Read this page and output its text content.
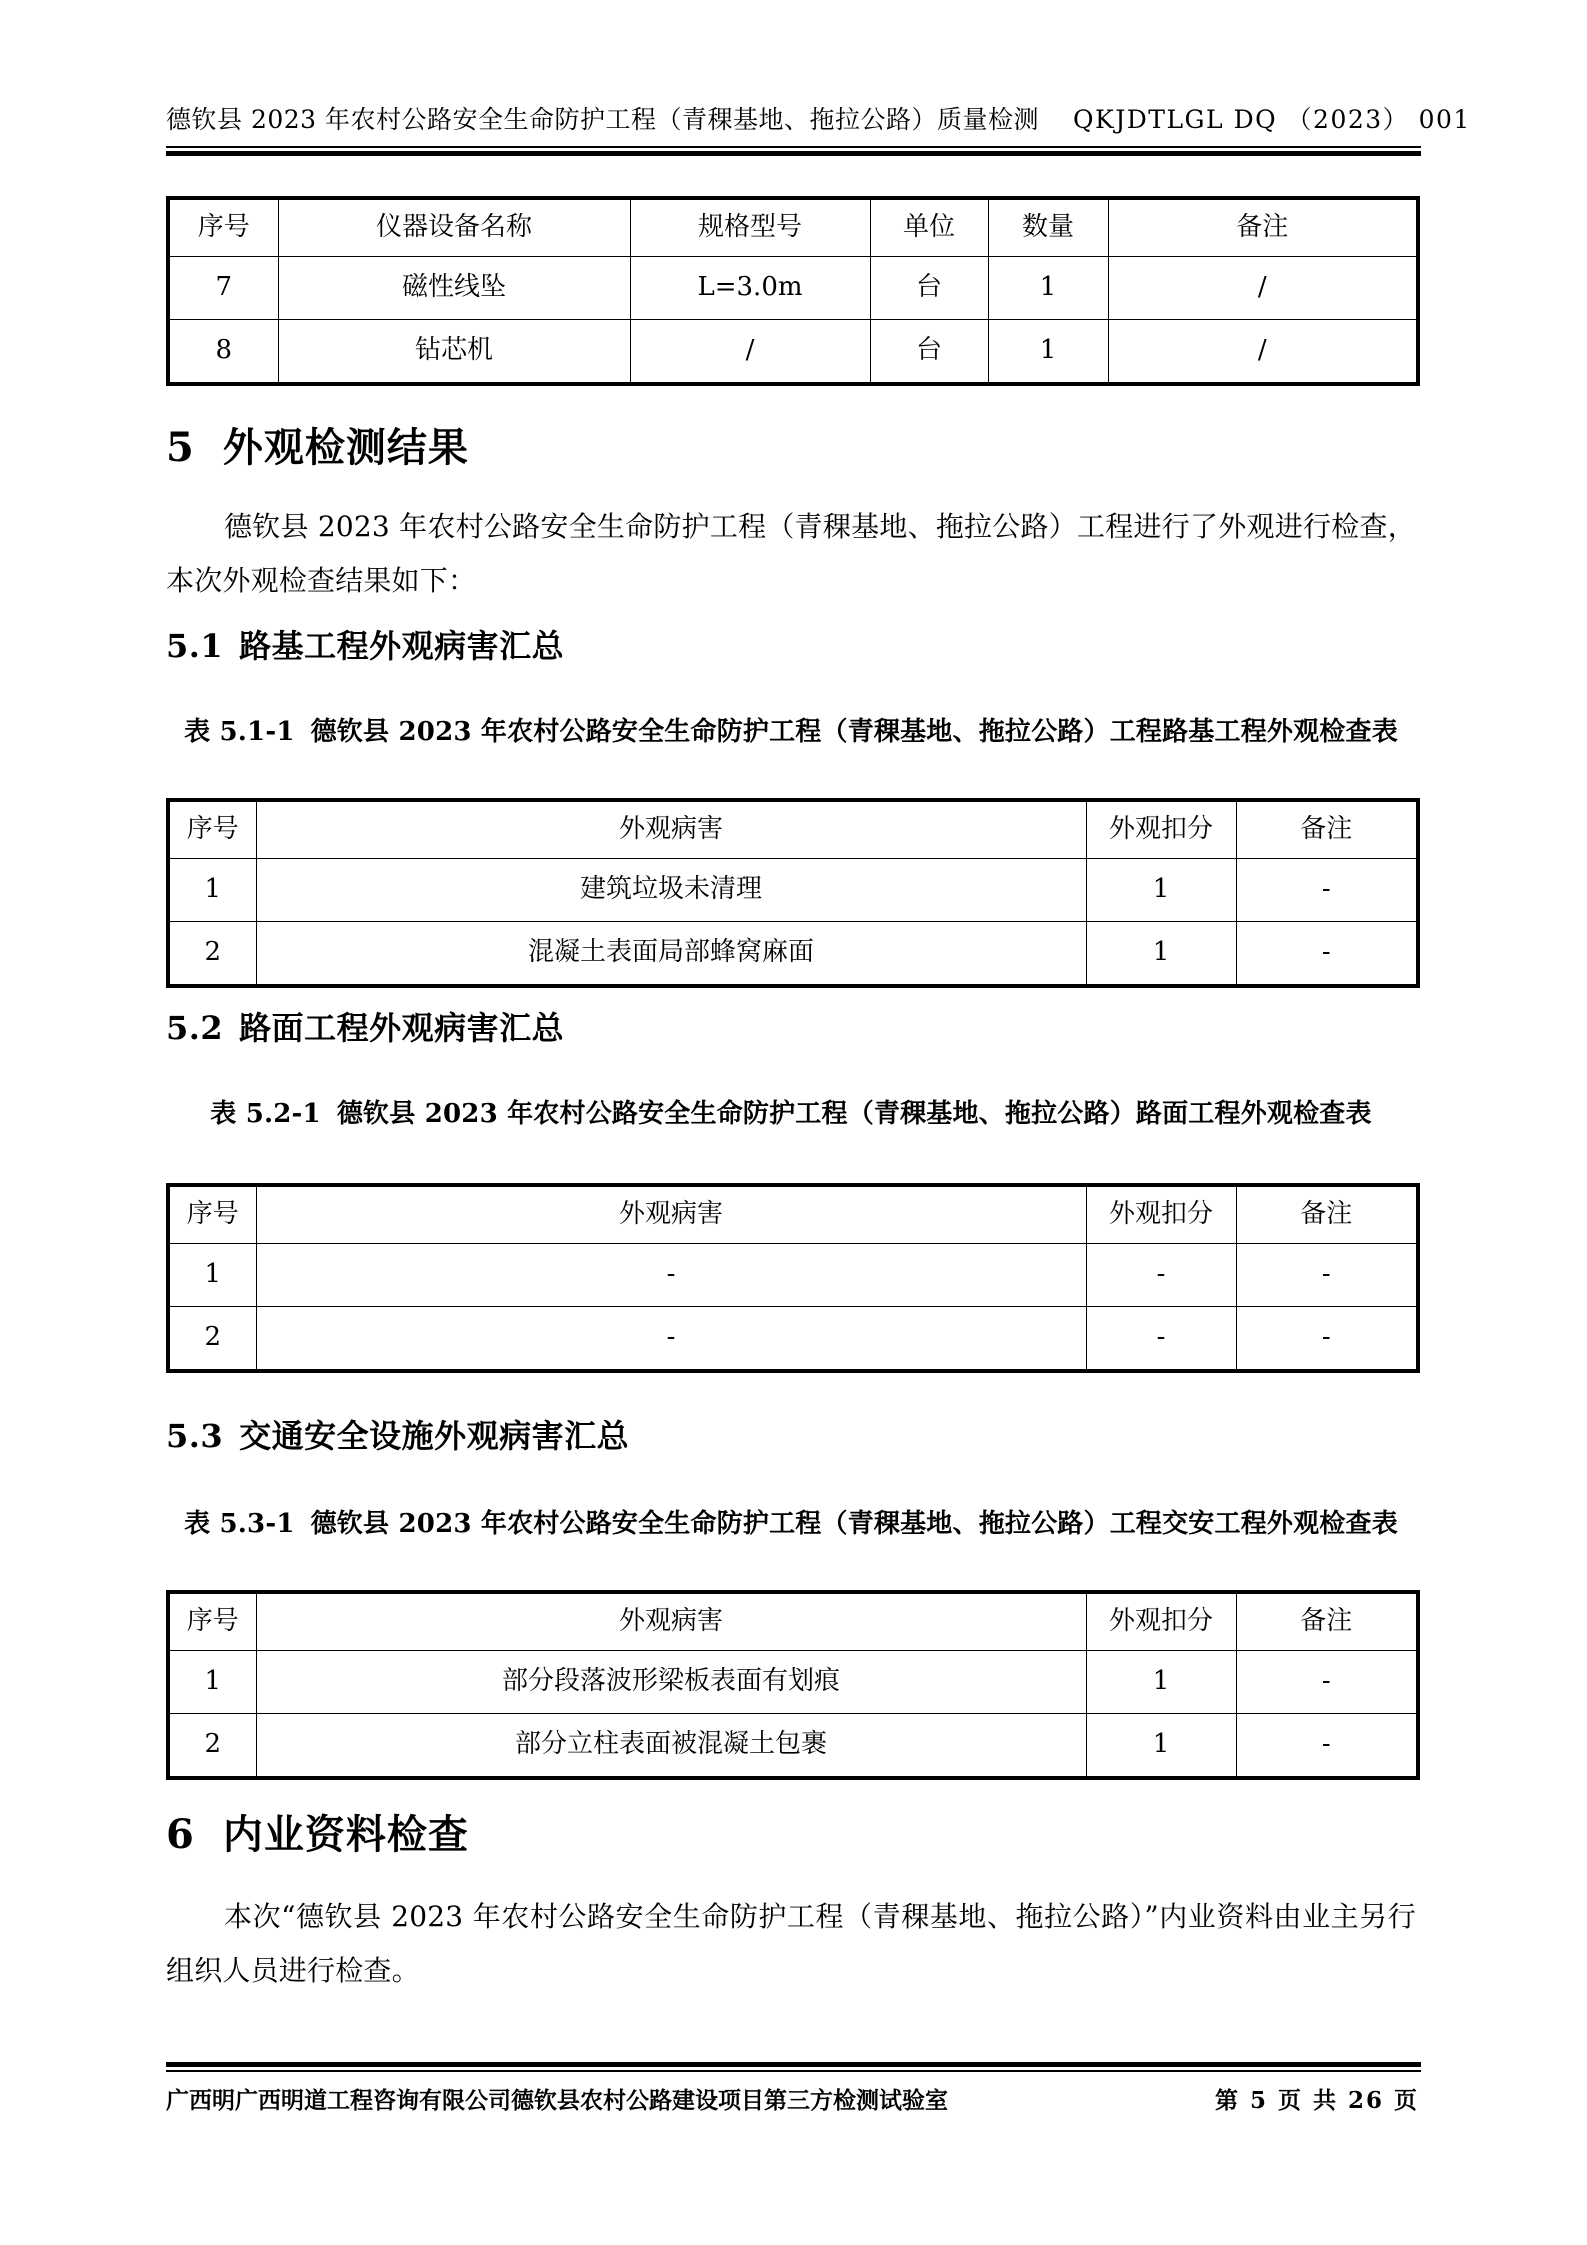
德钦县 2023 年农村公路安全生命防护工程（青稞基地、拖拉公路）质量检测 QKJDTLGL DQ （2023） 001
序号	仪器设备名称	规格型号	单位	数量	备注
7	磁性线坠	L=3.0m	台	1	/
8	钻芯机	/	台	1	/
5 外观检测结果

德钦县 2023 年农村公路安全生命防护工程（青稞基地、拖拉公路）工程进行了外观进行检查，本次外观检查结果如下：

5.1 路基工程外观病害汇总

表 5.1-1 德钦县 2023 年农村公路安全生命防护工程（青稞基地、拖拉公路）工程路基工程外观检查表

序号	外观病害	外观扣分	备注
1	建筑垃圾未清理	1	-
2	混凝土表面局部蜂窝麻面	1	-
5.2 路面工程外观病害汇总

表 5.2-1 德钦县 2023 年农村公路安全生命防护工程（青稞基地、拖拉公路）路面工程外观检查表

序号	外观病害	外观扣分	备注
1	-	-	-
2	-	-	-
5.3 交通安全设施外观病害汇总

表 5.3-1 德钦县 2023 年农村公路安全生命防护工程（青稞基地、拖拉公路）工程交安工程外观检查表

序号	外观病害	外观扣分	备注
1	部分段落波形梁板表面有划痕	1	-
2	部分立柱表面被混凝土包裹	1	-
6 内业资料检查

本次“德钦县 2023 年农村公路安全生命防护工程（青稞基地、拖拉公路）”内业资料由业主另行组织人员进行检查。

广西明广西明道工程咨询有限公司德钦县农村公路建设项目第三方检测试验室	第 5 页 共 26 页
